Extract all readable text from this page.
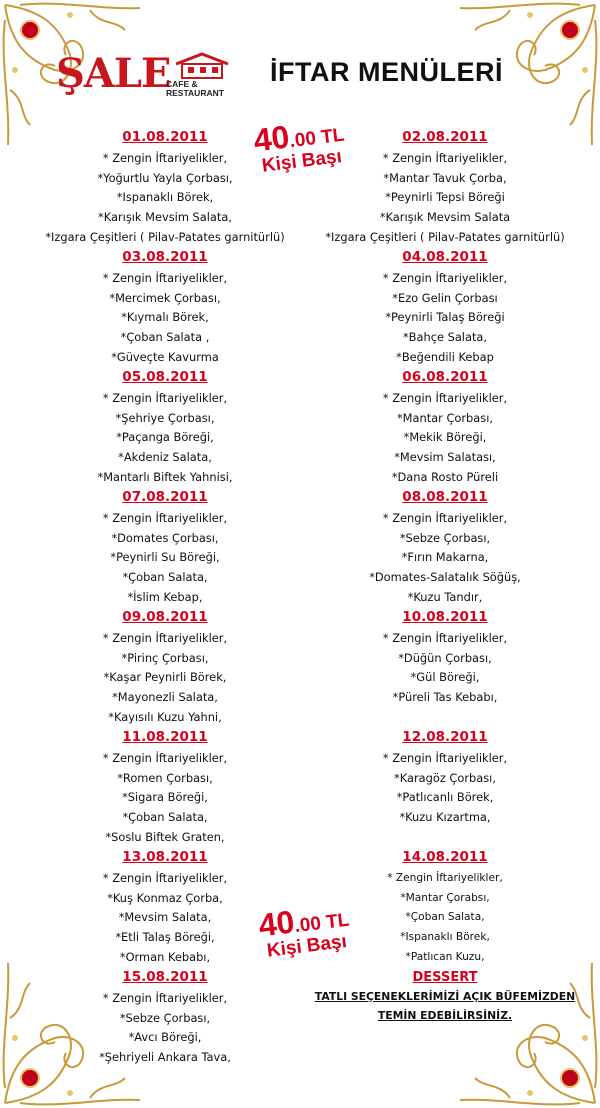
ŞALE
CAFE &
RESTAURANT
İFTAR MENÜLERİ
40.00 TL
Kişi Başı
40.00 TL
Kişi Başı
01.08.2011
* Zengin İftariyelikler,
*Yoğurtlu Yayla Çorbası,
*Ispanaklı Börek,
*Karışık Mevsim Salata,
*Izgara Çeşitleri ( Pilav-Patates garnitürlü)
03.08.2011
* Zengin İftariyelikler,
*Mercimek Çorbası,
*Kıymalı Börek,
*Çoban Salata ,
*Güveçte Kavurma
05.08.2011
* Zengin İftariyelikler,
*Şehriye Çorbası,
*Paçanga Böreği,
*Akdeniz Salata,
*Mantarlı Biftek Yahnisi,
07.08.2011
* Zengin İftariyelikler,
*Domates Çorbası,
*Peynirli Su Böreği,
*Çoban Salata,
*İslim Kebap,
09.08.2011
* Zengin İftariyelikler,
*Pirinç Çorbası,
*Kaşar Peynirli Börek,
*Mayonezli Salata,
*Kayısılı Kuzu Yahni,
11.08.2011
* Zengin İftariyelikler,
*Romen Çorbası,
*Sigara Böreği,
*Çoban Salata,
*Soslu Biftek Graten,
13.08.2011
* Zengin İftariyelikler,
*Kuş Konmaz Çorba,
*Mevsim Salata,
*Etli Talaş Böreği,
*Orman Kebabı,
15.08.2011
* Zengin İftariyelikler,
*Sebze Çorbası,
*Avcı Böreği,
*Şehriyeli Ankara Tava,
02.08.2011
* Zengin İftariyelikler,
*Mantar Tavuk Çorba,
*Peynirli Tepsi Böreği
*Karışık Mevsim Salata
*Izgara Çeşitleri ( Pilav-Patates garnitürlü)
04.08.2011
* Zengin İftariyelikler,
*Ezo Gelin Çorbası
*Peynirli Talaş Böreği
*Bahçe Salata,
*Beğendili Kebap
06.08.2011
* Zengin İftariyelikler,
*Mantar Çorbası,
*Mekik Böreği,
*Mevsim Salatası,
*Dana Rosto Püreli
08.08.2011
* Zengin İftariyelikler,
*Sebze Çorbası,
*Fırın Makarna,
*Domates-Salatalık Söğüş,
*Kuzu Tandır,
10.08.2011
* Zengin İftariyelikler,
*Düğün Çorbası,
*Gül Böreği,
*Püreli Tas Kebabı,
12.08.2011
* Zengin İftariyelikler,
*Karagöz Çorbası,
*Patlıcanlı Börek,
*Kuzu Kızartma,
14.08.2011
* Zengin İftariyelikler,
*Mantar Çorabsı,
*Çoban Salata,
*Ispanaklı Börek,
*Patlıcan Kuzu,
DESSERT
TATLI SEÇENEKLERİMİZİ AÇIK BÜFEMİZDEN
TEMİN EDEBİLİRSİNİZ.
